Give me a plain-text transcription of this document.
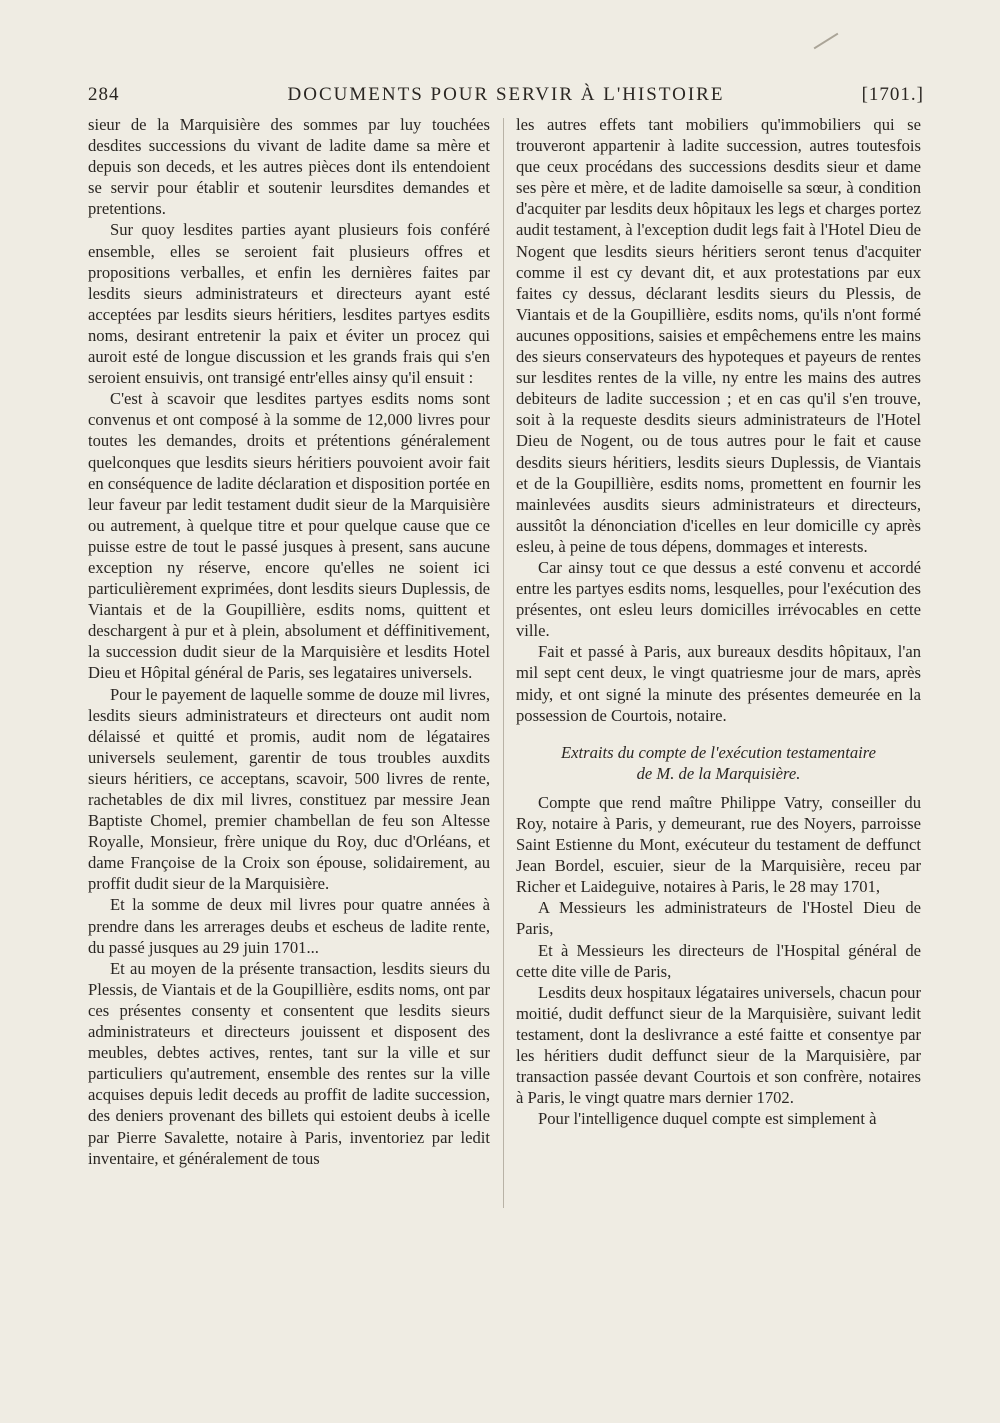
284	DOCUMENTS POUR SERVIR À L'HISTOIRE	[1701.]

sieur de la Marquisière des sommes par luy touchées desdites successions du vivant de ladite dame sa mère et depuis son deceds, et les autres pièces dont ils entendoient se servir pour établir et soutenir leursdites demandes et pretentions.

Sur quoy lesdites parties ayant plusieurs fois conféré ensemble, elles se seroient fait plusieurs offres et propositions verballes, et enfin les dernières faites par lesdits sieurs administrateurs et directeurs ayant esté acceptées par lesdits sieurs héritiers, lesdites partyes esdits noms, desirant entretenir la paix et éviter un procez qui auroit esté de longue discussion et les grands frais qui s'en seroient ensuivis, ont transigé entr'elles ainsy qu'il ensuit :

C'est à scavoir que lesdites partyes esdits noms sont convenus et ont composé à la somme de 12,000 livres pour toutes les demandes, droits et prétentions généralement quelconques que lesdits sieurs héritiers pouvoient avoir fait en conséquence de ladite déclaration et disposition portée en leur faveur par ledit testament dudit sieur de la Marquisière ou autrement, à quelque titre et pour quelque cause que ce puisse estre de tout le passé jusques à present, sans aucune exception ny réserve, encore qu'elles ne soient ici particulièrement exprimées, dont lesdits sieurs Duplessis, de Viantais et de la Goupillière, esdits noms, quittent et deschargent à pur et à plein, absolument et déffinitivement, la succession dudit sieur de la Marquisière et lesdits Hotel Dieu et Hôpital général de Paris, ses legataires universels.

Pour le payement de laquelle somme de douze mil livres, lesdits sieurs administrateurs et directeurs ont audit nom délaissé et quitté et promis, audit nom de légataires universels seulement, garentir de tous troubles auxdits sieurs héritiers, ce acceptans, scavoir, 500 livres de rente, rachetables de dix mil livres, constituez par messire Jean Baptiste Chomel, premier chambellan de feu son Altesse Royalle, Monsieur, frère unique du Roy, duc d'Orléans, et dame Françoise de la Croix son épouse, solidairement, au proffit dudit sieur de la Marquisière.

Et la somme de deux mil livres pour quatre années à prendre dans les arrerages deubs et escheus de ladite rente, du passé jusques au 29 juin 1701...

Et au moyen de la présente transaction, lesdits sieurs du Plessis, de Viantais et de la Goupillière, esdits noms, ont par ces présentes consenty et consentent que lesdits sieurs administrateurs et directeurs jouissent et disposent des meubles, debtes actives, rentes, tant sur la ville et sur particuliers qu'autrement, ensemble des rentes sur la ville acquises depuis ledit deceds au proffit de ladite succession, des deniers provenant des billets qui estoient deubs à icelle par Pierre Savalette, notaire à Paris, inventoriez par ledit inventaire, et généralement de tous

les autres effets tant mobiliers qu'immobiliers qui se trouveront appartenir à ladite succession, autres toutesfois que ceux procédans des successions desdits sieur et dame ses père et mère, et de ladite damoiselle sa sœur, à condition d'acquiter par lesdits deux hôpitaux les legs et charges portez audit testament, à l'exception dudit legs fait à l'Hotel Dieu de Nogent que lesdits sieurs héritiers seront tenus d'acquiter comme il est cy devant dit, et aux protestations par eux faites cy dessus, déclarant lesdits sieurs du Plessis, de Viantais et de la Goupillière, esdits noms, qu'ils n'ont formé aucunes oppositions, saisies et empêchemens entre les mains des sieurs conservateurs des hypoteques et payeurs de rentes sur lesdites rentes de la ville, ny entre les mains des autres debiteurs de ladite succession ; et en cas qu'il s'en trouve, soit à la requeste desdits sieurs administrateurs de l'Hotel Dieu de Nogent, ou de tous autres pour le fait et cause desdits sieurs héritiers, lesdits sieurs Duplessis, de Viantais et de la Goupillière, esdits noms, promettent en fournir les mainlevées ausdits sieurs administrateurs et directeurs, aussitôt la dénonciation d'icelles en leur domicille cy après esleu, à peine de tous dépens, dommages et interests.

Car ainsy tout ce que dessus a esté convenu et accordé entre les partyes esdits noms, lesquelles, pour l'exécution des présentes, ont esleu leurs domicilles irrévocables en cette ville.

Fait et passé à Paris, aux bureaux desdits hôpitaux, l'an mil sept cent deux, le vingt quatriesme jour de mars, après midy, et ont signé la minute des présentes demeurée en la possession de Courtois, notaire.

Extraits du compte de l'exécution testamentaire
de M. de la Marquisière.

Compte que rend maître Philippe Vatry, conseiller du Roy, notaire à Paris, y demeurant, rue des Noyers, parroisse Saint Estienne du Mont, exécuteur du testament de deffunct Jean Bordel, escuier, sieur de la Marquisière, receu par Richer et Laideguive, notaires à Paris, le 28 may 1701,

A Messieurs les administrateurs de l'Hostel Dieu de Paris,

Et à Messieurs les directeurs de l'Hospital général de cette dite ville de Paris,

Lesdits deux hospitaux légataires universels, chacun pour moitié, dudit deffunct sieur de la Marquisière, suivant ledit testament, dont la deslivrance a esté faitte et consentye par les héritiers dudit deffunct sieur de la Marquisière, par transaction passée devant Courtois et son confrère, notaires à Paris, le vingt quatre mars dernier 1702.

Pour l'intelligence duquel compte est simplement à
